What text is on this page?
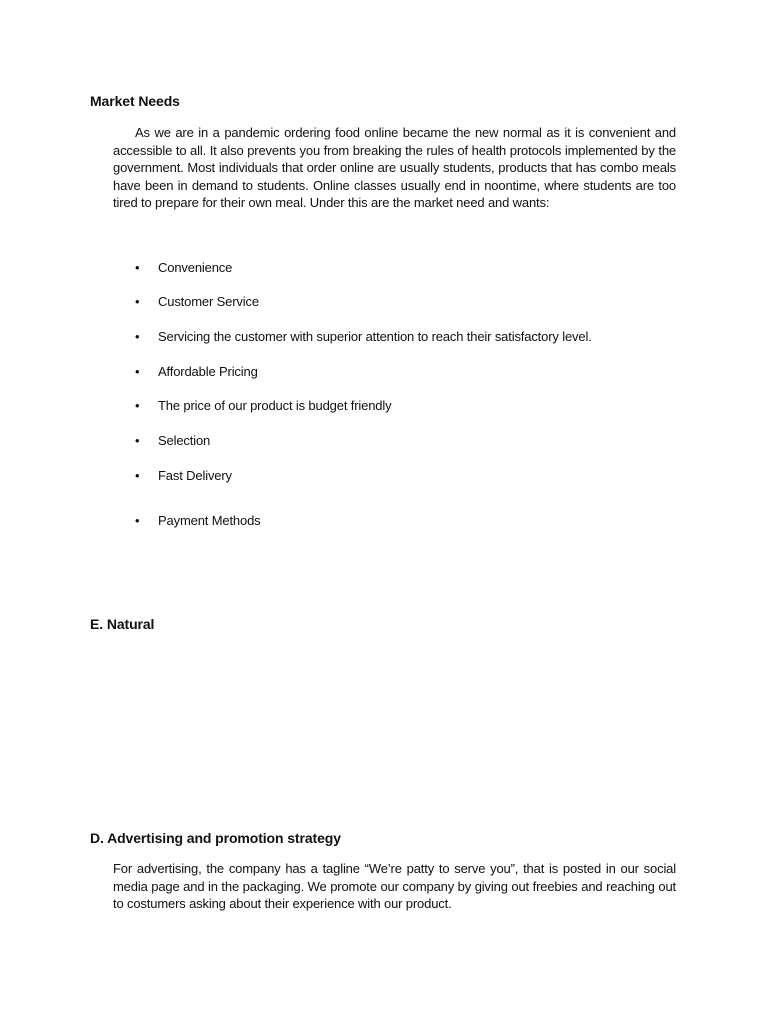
Market Needs

As we are in a pandemic ordering food online became the new normal as it is convenient and accessible to all. It also prevents you from breaking the rules of health protocols implemented by the government. Most individuals that order online are usually students, products that has combo meals have been in demand to students. Online classes usually end in noontime, where students are too tired to prepare for their own meal. Under this are the market need and wants:

• Convenience
• Customer Service
• Servicing the customer with superior attention to reach their satisfactory level.
• Affordable Pricing
• The price of our product is budget friendly
• Selection
• Fast Delivery
• Payment Methods
E. Natural
D. Advertising and promotion strategy

For advertising, the company has a tagline “We’re patty to serve you”, that is posted in our social media page and in the packaging. We promote our company by giving out freebies and reaching out to costumers asking about their experience with our product.
